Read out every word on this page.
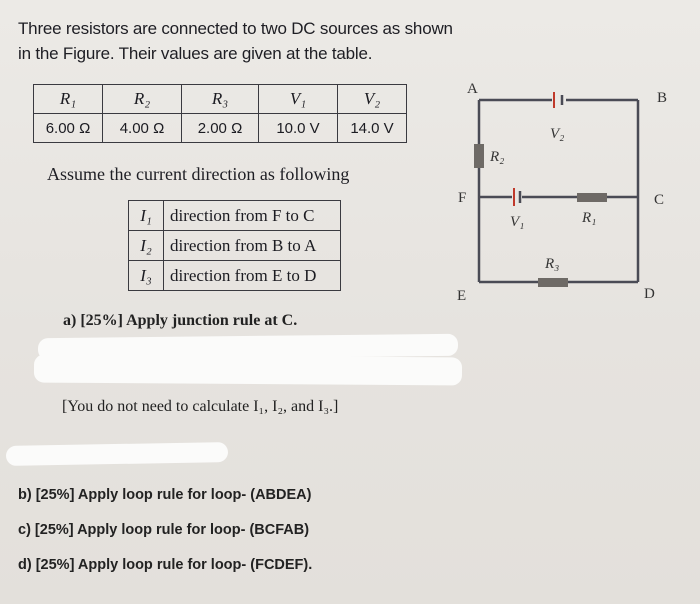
Three resistors are connected to two DC sources as shown in the Figure. Their values are given at the table.
R₁	R₂	R₃	V₁	V₂
6.00 Ω	4.00 Ω	2.00 Ω	10.0 V	14.0 V
Assume the current direction as following
I₁	direction from F to C
I₂	direction from B to A
I₃	direction from E to D
a) [25%] Apply junction rule at C.
[You do not need to calculate I₁, I₂, and I₃.]
b) [25%] Apply loop rule for loop- (ABDEA)
c) [25%] Apply loop rule for loop- (BCFAB)
d) [25%] Apply loop rule for loop- (FCDEF).
A
B
C
D
E
F
R₂
V₂
V₁	R₁
R₃
